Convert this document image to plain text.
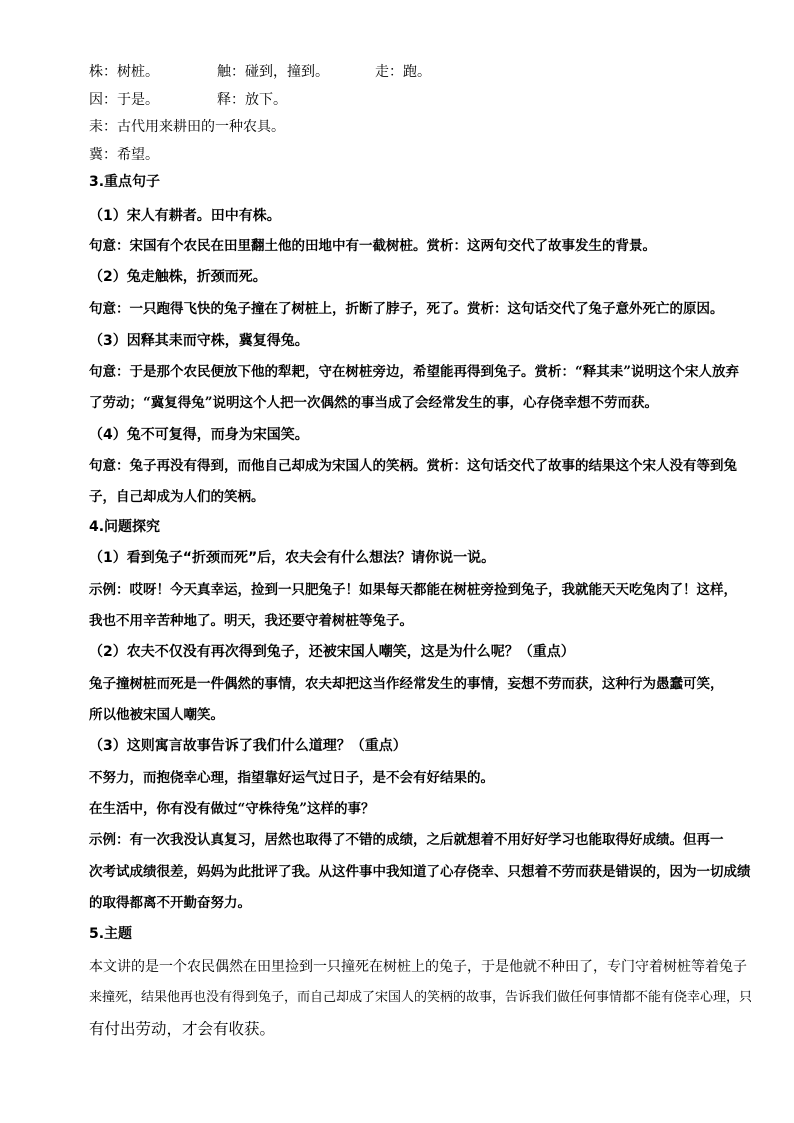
株：树桩。	触：碰到，撞到。	走：跑。
因：于是。	释：放下。
耒：古代用来耕田的一种农具。
冀：希望。
3.重点句子
（1）宋人有耕者。田中有株。
句意：宋国有个农民在田里翻土他的田地中有一截树桩。赏析：这两句交代了故事发生的背景。
（2）兔走触株，折颈而死。
句意：一只跑得飞快的兔子撞在了树桩上，折断了脖子，死了。赏析：这句话交代了兔子意外死亡的原因。
（3）因释其耒而守株，冀复得兔。
句意：于是那个农民便放下他的犁耙，守在树桩旁边，希望能再得到兔子。赏析：“释其耒”说明这个宋人放弃
了劳动；“冀复得兔”说明这个人把一次偶然的事当成了会经常发生的事，心存侥幸想不劳而获。
（4）兔不可复得，而身为宋国笑。
句意：兔子再没有得到，而他自己却成为宋国人的笑柄。赏析：这句话交代了故事的结果这个宋人没有等到兔
子，自己却成为人们的笑柄。
4.问题探究
（1）看到兔子“折颈而死”后，农夫会有什么想法？请你说一说。
示例：哎呀！今天真幸运，捡到一只肥兔子！如果每天都能在树桩旁捡到兔子，我就能天天吃兔肉了！这样，
我也不用辛苦种地了。明天，我还要守着树桩等兔子。
（2）农夫不仅没有再次得到兔子，还被宋国人嘲笑，这是为什么呢？（重点）
兔子撞树桩而死是一件偶然的事情，农夫却把这当作经常发生的事情，妄想不劳而获，这种行为愚蠢可笑，
所以他被宋国人嘲笑。
（3）这则寓言故事告诉了我们什么道理？（重点）
不努力，而抱侥幸心理，指望靠好运气过日子，是不会有好结果的。
在生活中，你有没有做过“守株待兔”这样的事？
示例：有一次我没认真复习，居然也取得了不错的成绩，之后就想着不用好好学习也能取得好成绩。但再一
次考试成绩很差，妈妈为此批评了我。从这件事中我知道了心存侥幸、只想着不劳而获是错误的，因为一切成绩
的取得都离不开勤奋努力。
5.主题
本文讲的是一个农民偶然在田里捡到一只撞死在树桩上的兔子，于是他就不种田了，专门守着树桩等着兔子
来撞死，结果他再也没有得到兔子，而自己却成了宋国人的笑柄的故事，告诉我们做任何事情都不能有侥幸心理，只
有付出劳动，才会有收获。
